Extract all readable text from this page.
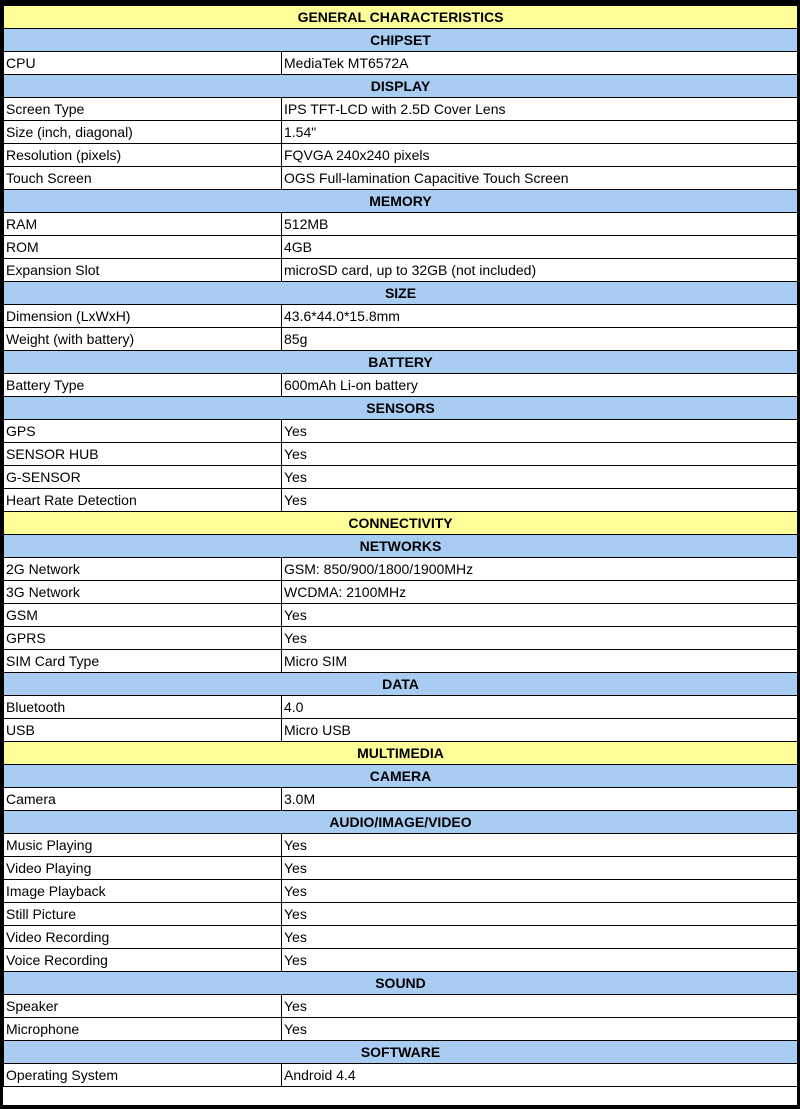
GENERAL CHARACTERISTICS	
CHIPSET	
CPU	MediaTek MT6572A
DISPLAY	
Screen Type	IPS TFT-LCD with 2.5D Cover Lens
Size (inch, diagonal)	1.54"
Resolution (pixels)	FQVGA 240x240 pixels
Touch Screen	OGS Full-lamination Capacitive Touch Screen
MEMORY	
RAM	512MB
ROM	4GB
Expansion Slot	microSD card, up to 32GB (not included)
SIZE	
Dimension (LxWxH)	43.6*44.0*15.8mm
Weight (with battery)	85g
BATTERY	
Battery Type	600mAh Li-on battery
SENSORS	
GPS	Yes
SENSOR HUB	Yes
G-SENSOR	Yes
Heart Rate Detection	Yes
CONNECTIVITY	
NETWORKS	
2G Network	GSM: 850/900/1800/1900MHz
3G Network	WCDMA: 2100MHz
GSM	Yes
GPRS	Yes
SIM Card Type	Micro SIM
DATA	
Bluetooth	4.0
USB	Micro USB
MULTIMEDIA	
CAMERA	
Camera	3.0M
AUDIO/IMAGE/VIDEO	
Music Playing	Yes
Video Playing	Yes
Image Playback	Yes
Still Picture	Yes
Video Recording	Yes
Voice Recording	Yes
SOUND	
Speaker	Yes
Microphone	Yes
SOFTWARE	
Operating System	Android 4.4
